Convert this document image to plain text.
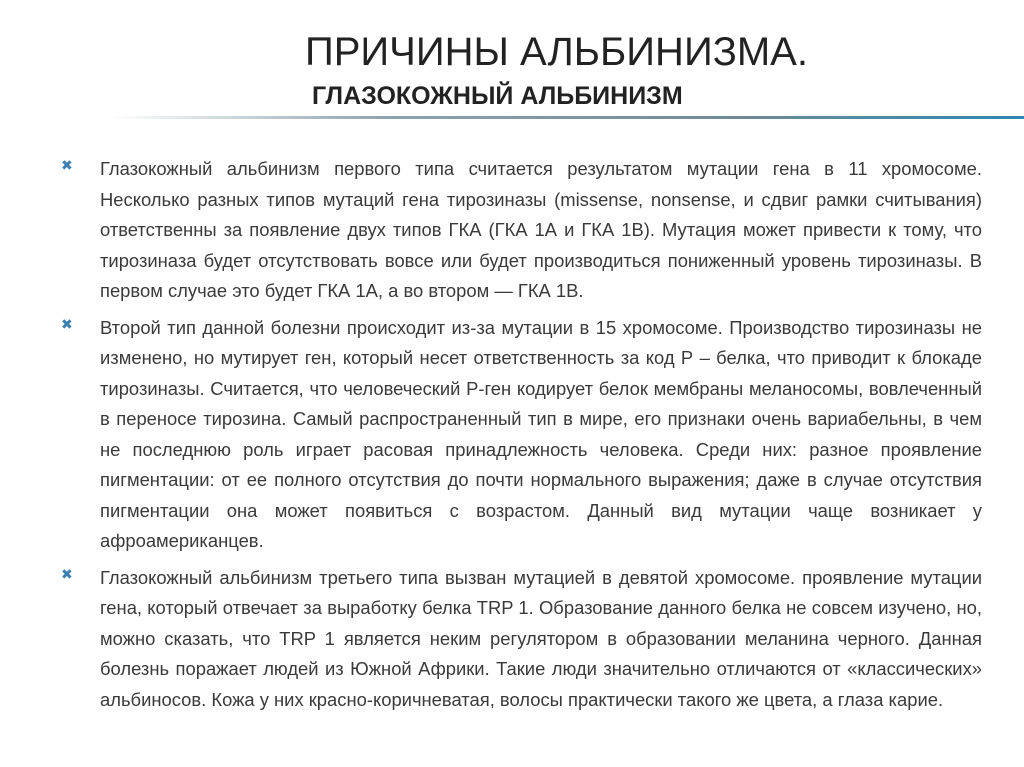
ПРИЧИНЫ АЛЬБИНИЗМА.
ГЛАЗОКОЖНЫЙ АЛЬБИНИЗМ
✖ Глазокожный альбинизм первого типа считается результатом мутации гена в 11 хромосоме. Несколько разных типов мутаций гена тирозиназы (missense, nonsense, и сдвиг рамки считывания) ответственны за появление двух типов ГКА (ГКА 1А и ГКА 1В). Мутация может привести к тому, что тирозиназа будет отсутствовать вовсе или будет производиться пониженный уровень тирозиназы. В первом случае это будет ГКА 1А, а во втором — ГКА 1В.
✖ Второй тип данной болезни происходит из-за мутации в 15 хромосоме. Производство тирозиназы не изменено, но мутирует ген, который несет ответственность за код Р – белка, что приводит к блокаде тирозиназы. Считается, что человеческий Р-ген кодирует белок мембраны меланосомы, вовлеченный в переносе тирозина. Самый распространенный тип в мире, его признаки очень вариабельны, в чем не последнюю роль играет расовая принадлежность человека. Среди них: разное проявление пигментации: от ее полного отсутствия до почти нормального выражения; даже в случае отсутствия пигментации она может появиться с возрастом. Данный вид мутации чаще возникает у афроамериканцев.
✖ Глазокожный альбинизм третьего типа вызван мутацией в девятой хромосоме. проявление мутации гена, который отвечает за выработку белка TRP 1. Образование данного белка не совсем изучено, но, можно сказать, что TRP 1 является неким регулятором в образовании меланина черного. Данная болезнь поражает людей из Южной Африки. Такие люди значительно отличаются от «классических» альбиносов. Кожа у них красно-коричневатая, волосы практически такого же цвета, а глаза карие.
